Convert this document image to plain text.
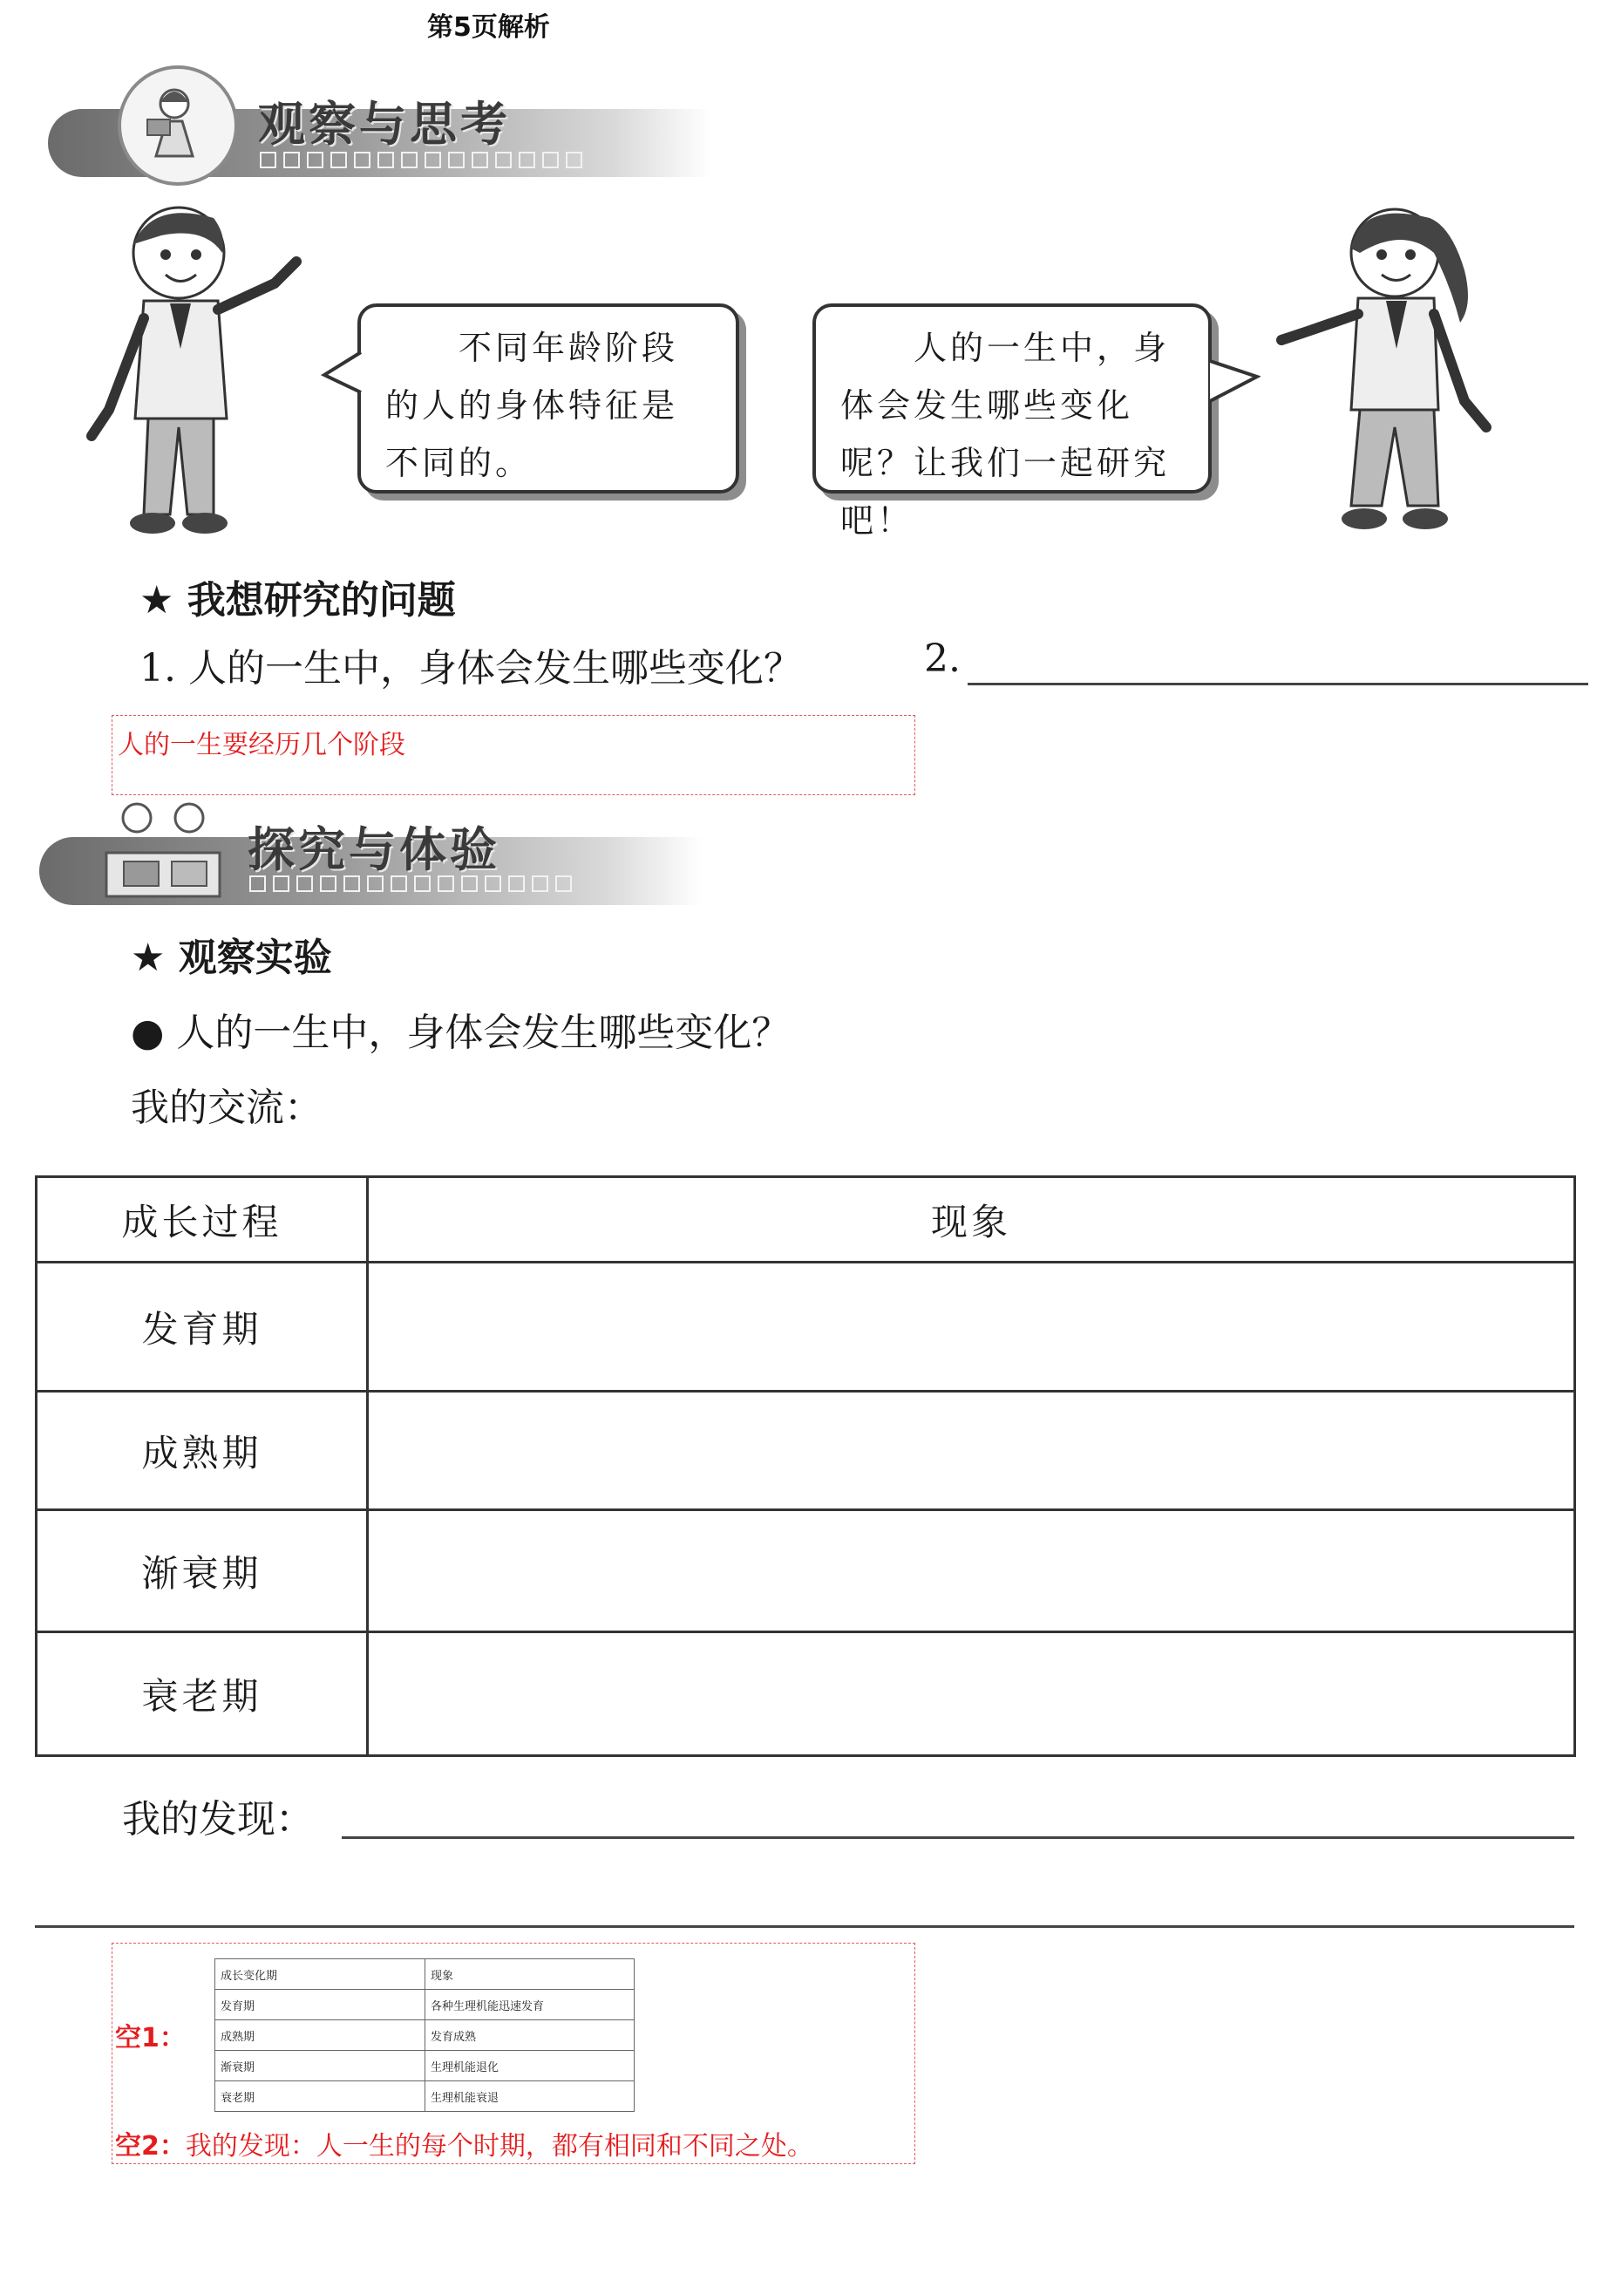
第5页解析
观察与思考
不同年龄阶段的人的身体特征是不同的。
人的一生中，身体会发生哪些变化呢？让我们一起研究吧！
★ 我想研究的问题
1. 人的一生中，身体会发生哪些变化？	2.
人的一生要经历几个阶段
探究与体验
★ 观察实验
● 人的一生中，身体会发生哪些变化？
我的交流：
成长过程	现象
发育期	
成熟期	
渐衰期	
衰老期	
我的发现：
空1：
成长变化期	现象
发育期	各种生理机能迅速发育
成熟期	发育成熟
渐衰期	生理机能退化
衰老期	生理机能衰退
空2：我的发现：人一生的每个时期，都有相同和不同之处。
